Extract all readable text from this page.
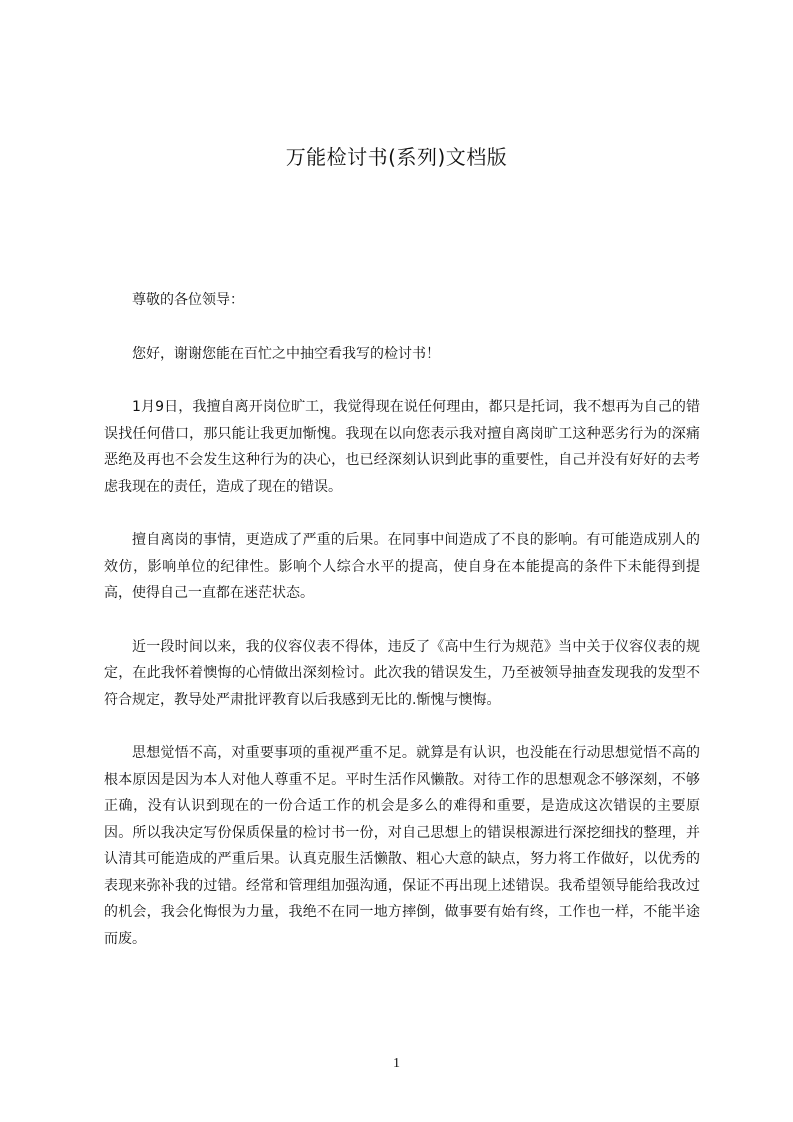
万能检讨书(系列)文档版

尊敬的各位领导：

您好，谢谢您能在百忙之中抽空看我写的检讨书！

1月9日，我擅自离开岗位旷工，我觉得现在说任何理由，都只是托词，我不想再为自己的错误找任何借口，那只能让我更加惭愧。我现在以向您表示我对擅自离岗旷工这种恶劣行为的深痛恶绝及再也不会发生这种行为的决心，也已经深刻认识到此事的重要性，自己并没有好好的去考虑我现在的责任，造成了现在的错误。

擅自离岗的事情，更造成了严重的后果。在同事中间造成了不良的影响。有可能造成别人的效仿，影响单位的纪律性。影响个人综合水平的提高，使自身在本能提高的条件下未能得到提高，使得自己一直都在迷茫状态。

近一段时间以来，我的仪容仪表不得体，违反了《高中生行为规范》当中关于仪容仪表的规定，在此我怀着懊悔的心情做出深刻检讨。此次我的错误发生，乃至被领导抽查发现我的发型不符合规定，教导处严肃批评教育以后我感到无比的.惭愧与懊悔。

思想觉悟不高，对重要事项的重视严重不足。就算是有认识，也没能在行动思想觉悟不高的根本原因是因为本人对他人尊重不足。平时生活作风懒散。对待工作的思想观念不够深刻，不够正确，没有认识到现在的一份合适工作的机会是多么的难得和重要，是造成这次错误的主要原因。所以我决定写份保质保量的检讨书一份，对自己思想上的错误根源进行深挖细找的整理，并认清其可能造成的严重后果。认真克服生活懒散、粗心大意的缺点，努力将工作做好，以优秀的表现来弥补我的过错。经常和管理组加强沟通，保证不再出现上述错误。我希望领导能给我改过的机会，我会化悔恨为力量，我绝不在同一地方摔倒，做事要有始有终，工作也一样，不能半途而废。

1
